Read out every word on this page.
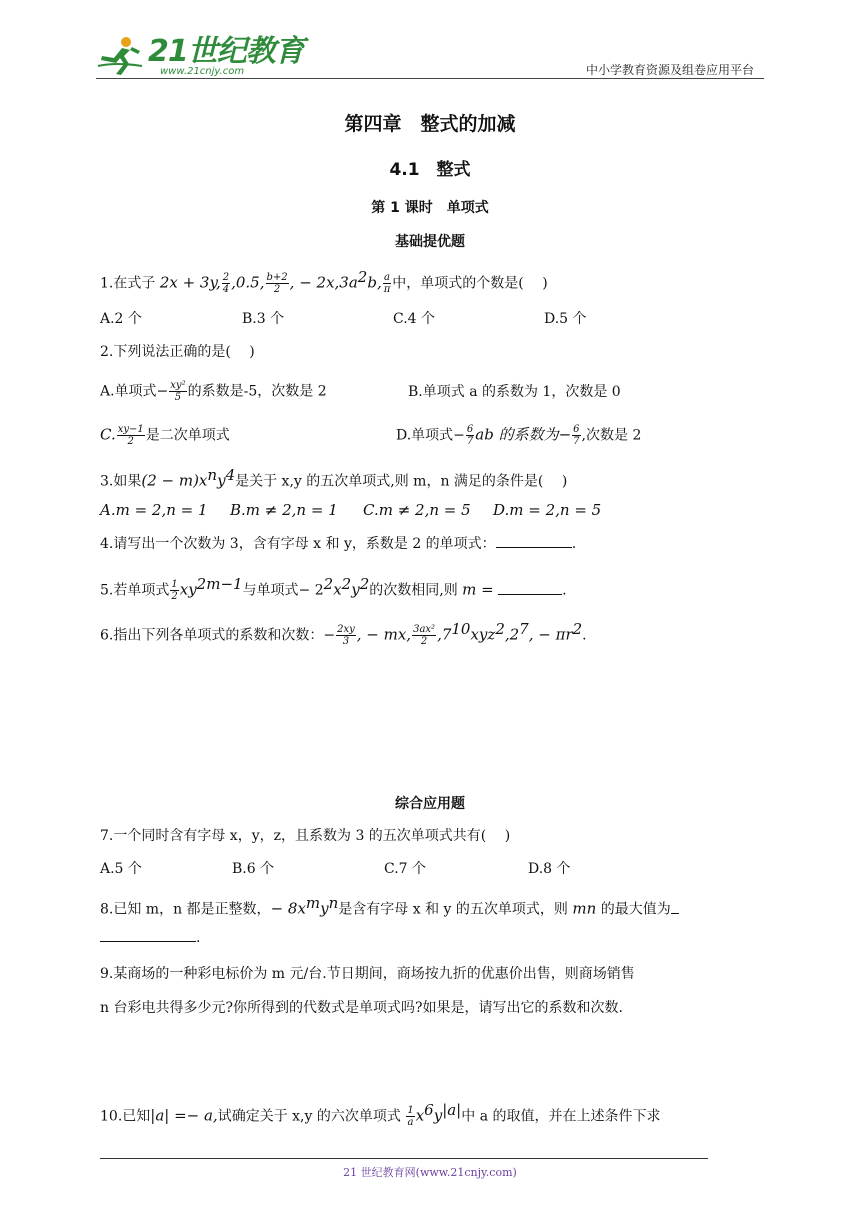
21世纪教育
www.21cnjy.com	中小学教育资源及组卷应用平台
第四章　整式的加减
4.1　整式
第 1 课时　单项式
基础提优题
1.在式子 2x + 3y, $\frac{2}{4} ,0.5$, $\frac{b+2}{2}$ , − $2x,3a^2b$, $\frac{a}{\pi}$ 中，单项式的个数是(　 )
A.2 个	B.3 个	C.4 个	D.5 个
2.下列说法正确的是(　 )
A.单项式− $\frac{\text{xy²}}{5}$ 的系数是-5，次数是 2	B.单项式 a 的系数为 1，次数是 0
C. $\frac{xy-1}{2}$ 是二次单项式	D.单项式− $\frac{6}{7}$ ab 的系数为− $\frac{6}{7}$ ,次数是 2
3.如果$(2 - m)x^ny^4$是关于 x,y 的五次单项式,则 m，n 满足的条件是(　 )
A.m = 2,n = 1 B.m ≠ 2,n = 1 C.m ≠ 2,n = 5 D.m = 2,n = 5
4.请写出一个次数为 3，含有字母 x 和 y，系数是 2 的单项式：	.
5.若单项式 $\frac{1}{2} xy^{2m-1}$与单项式− $2^2x^2y^2$的次数相同,则 m =	.
6.指出下列各单项式的系数和次数：− $\frac{2xy}{3}$ , − mx, $\frac{\text{3ax²}}{2} ,7^{10}xyz^2,2^7$, − $\pi r^2$.
综合应用题
7.一个同时含有字母 x，y，z，且系数为 3 的五次单项式共有(　 )
A.5 个	B.6 个	C.7 个	D.8 个
8.已知 m，n 都是正整数，− $8x^my^n$是含有字母 x 和 y 的五次单项式，则 mn 的最大值为
.
9.某商场的一种彩电标价为 m 元/台.节日期间，商场按九折的优惠价出售，则商场销售
n 台彩电共得多少元?你所得到的代数式是单项式吗?如果是，请写出它的系数和次数.
10.已知|a| =− a,试确定关于 x,y 的六次单项式 $\frac{1}{a} x^6y^{|a|}$中 a 的取值，并在上述条件下求
21 世纪教育网(www.21cnjy.com)
